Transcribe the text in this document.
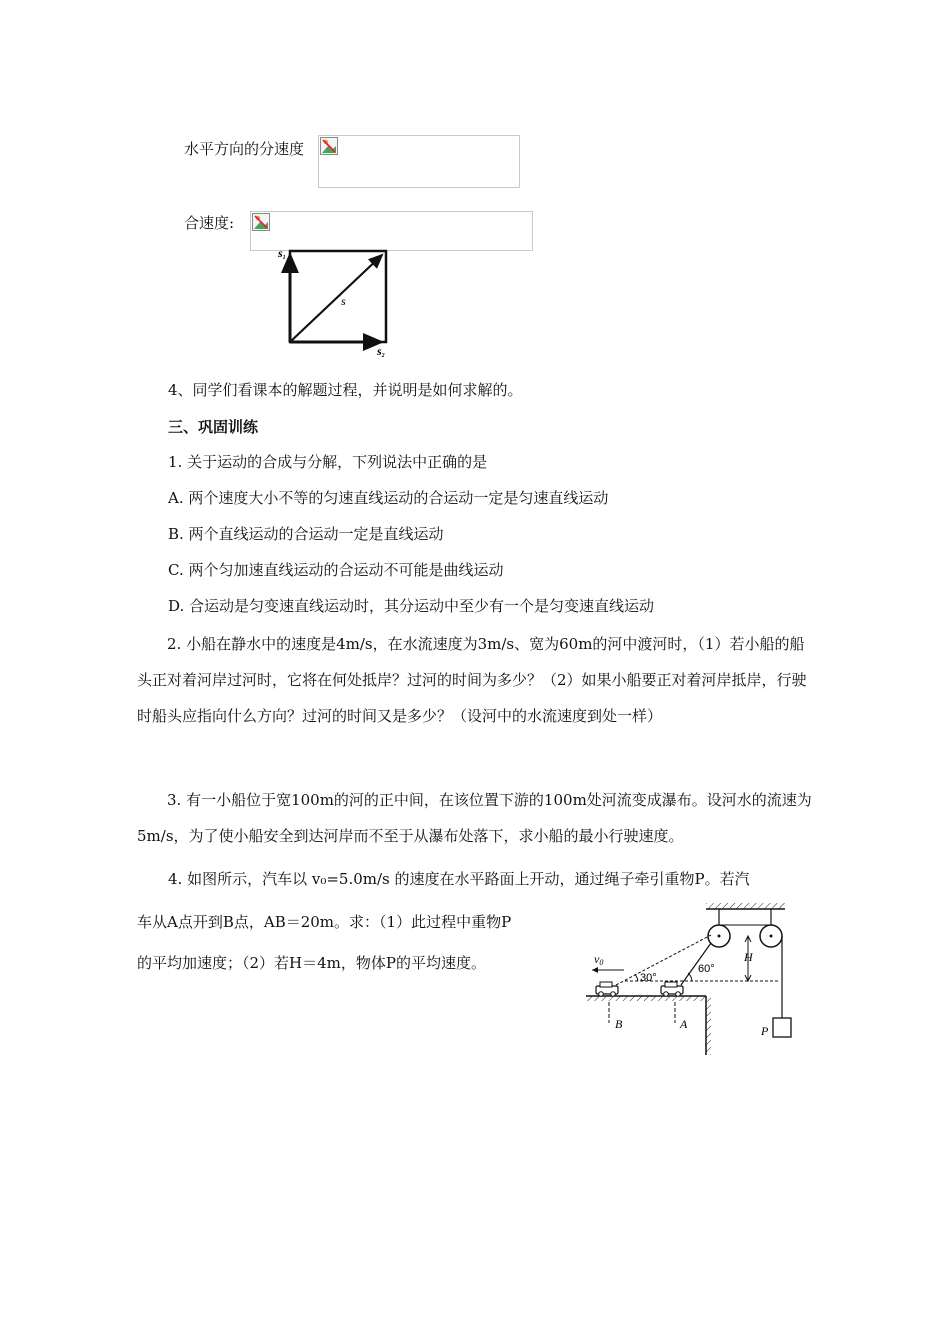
水平方向的分速度
合速度:
s1
s
s2
4、同学们看课本的解题过程，并说明是如何求解的。
三、巩固训练
1. 关于运动的合成与分解，下列说法中正确的是
A. 两个速度大小不等的匀速直线运动的合运动一定是匀速直线运动
B. 两个直线运动的合运动一定是直线运动
C. 两个匀加速直线运动的合运动不可能是曲线运动
D. 合运动是匀变速直线运动时，其分运动中至少有一个是匀变速直线运动
2. 小船在静水中的速度是4m/s，在水流速度为3m/s、宽为60m的河中渡河时，（1）若小船的船头正对着河岸过河时，它将在何处抵岸？过河的时间为多少？（2）如果小船要正对着河岸抵岸，行驶时船头应指向什么方向？过河的时间又是多少？（设河中的水流速度到处一样）
3. 有一小船位于宽100m的河的正中间，在该位置下游的100m处河流变成瀑布。设河水的流速为5m/s，为了使小船安全到达河岸而不至于从瀑布处落下，求小船的最小行驶速度。
4. 如图所示，汽车以 v₀=5.0m/s 的速度在水平路面上开动，通过绳子牵引重物P。若汽
车从A点开到B点，AB＝20m。求：（1）此过程中重物P
的平均加速度；（2）若H＝4m，物体P的平均速度。	H
30°
60°
v0
B	A	P
